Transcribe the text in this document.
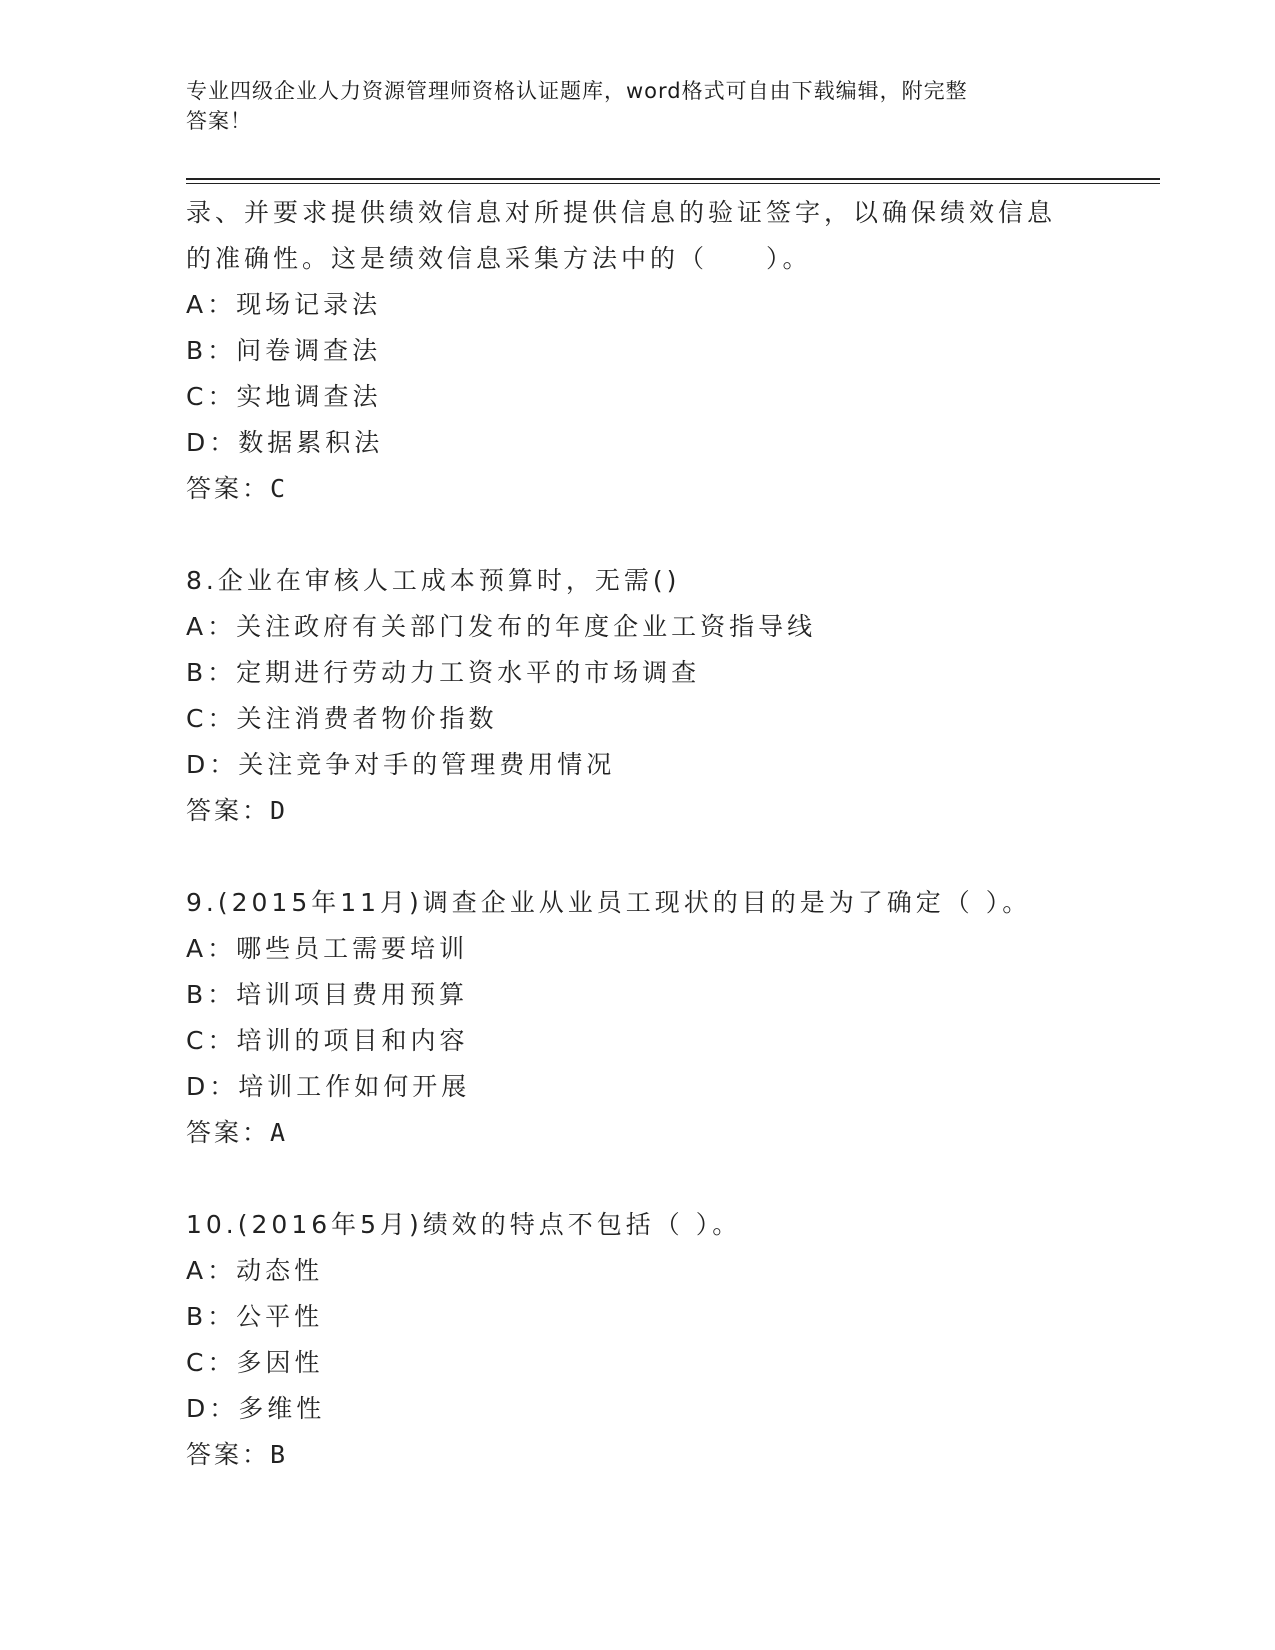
专业四级企业人力资源管理师资格认证题库，word格式可自由下载编辑，附完整
答案！
录、并要求提供绩效信息对所提供信息的验证签字，以确保绩效信息
的准确性。这是绩效信息采集方法中的（　　）。
A：现场记录法
B：问卷调查法
C：实地调查法
D：数据累积法
答案：C
8.企业在审核人工成本预算时，无需()
A：关注政府有关部门发布的年度企业工资指导线
B：定期进行劳动力工资水平的市场调查
C：关注消费者物价指数
D：关注竞争对手的管理费用情况
答案：D
9.(2015年11月)调查企业从业员工现状的目的是为了确定（ ）。
A：哪些员工需要培训
B：培训项目费用预算
C：培训的项目和内容
D：培训工作如何开展
答案：A
10.(2016年5月)绩效的特点不包括（ ）。
A：动态性
B：公平性
C：多因性
D：多维性
答案：B
